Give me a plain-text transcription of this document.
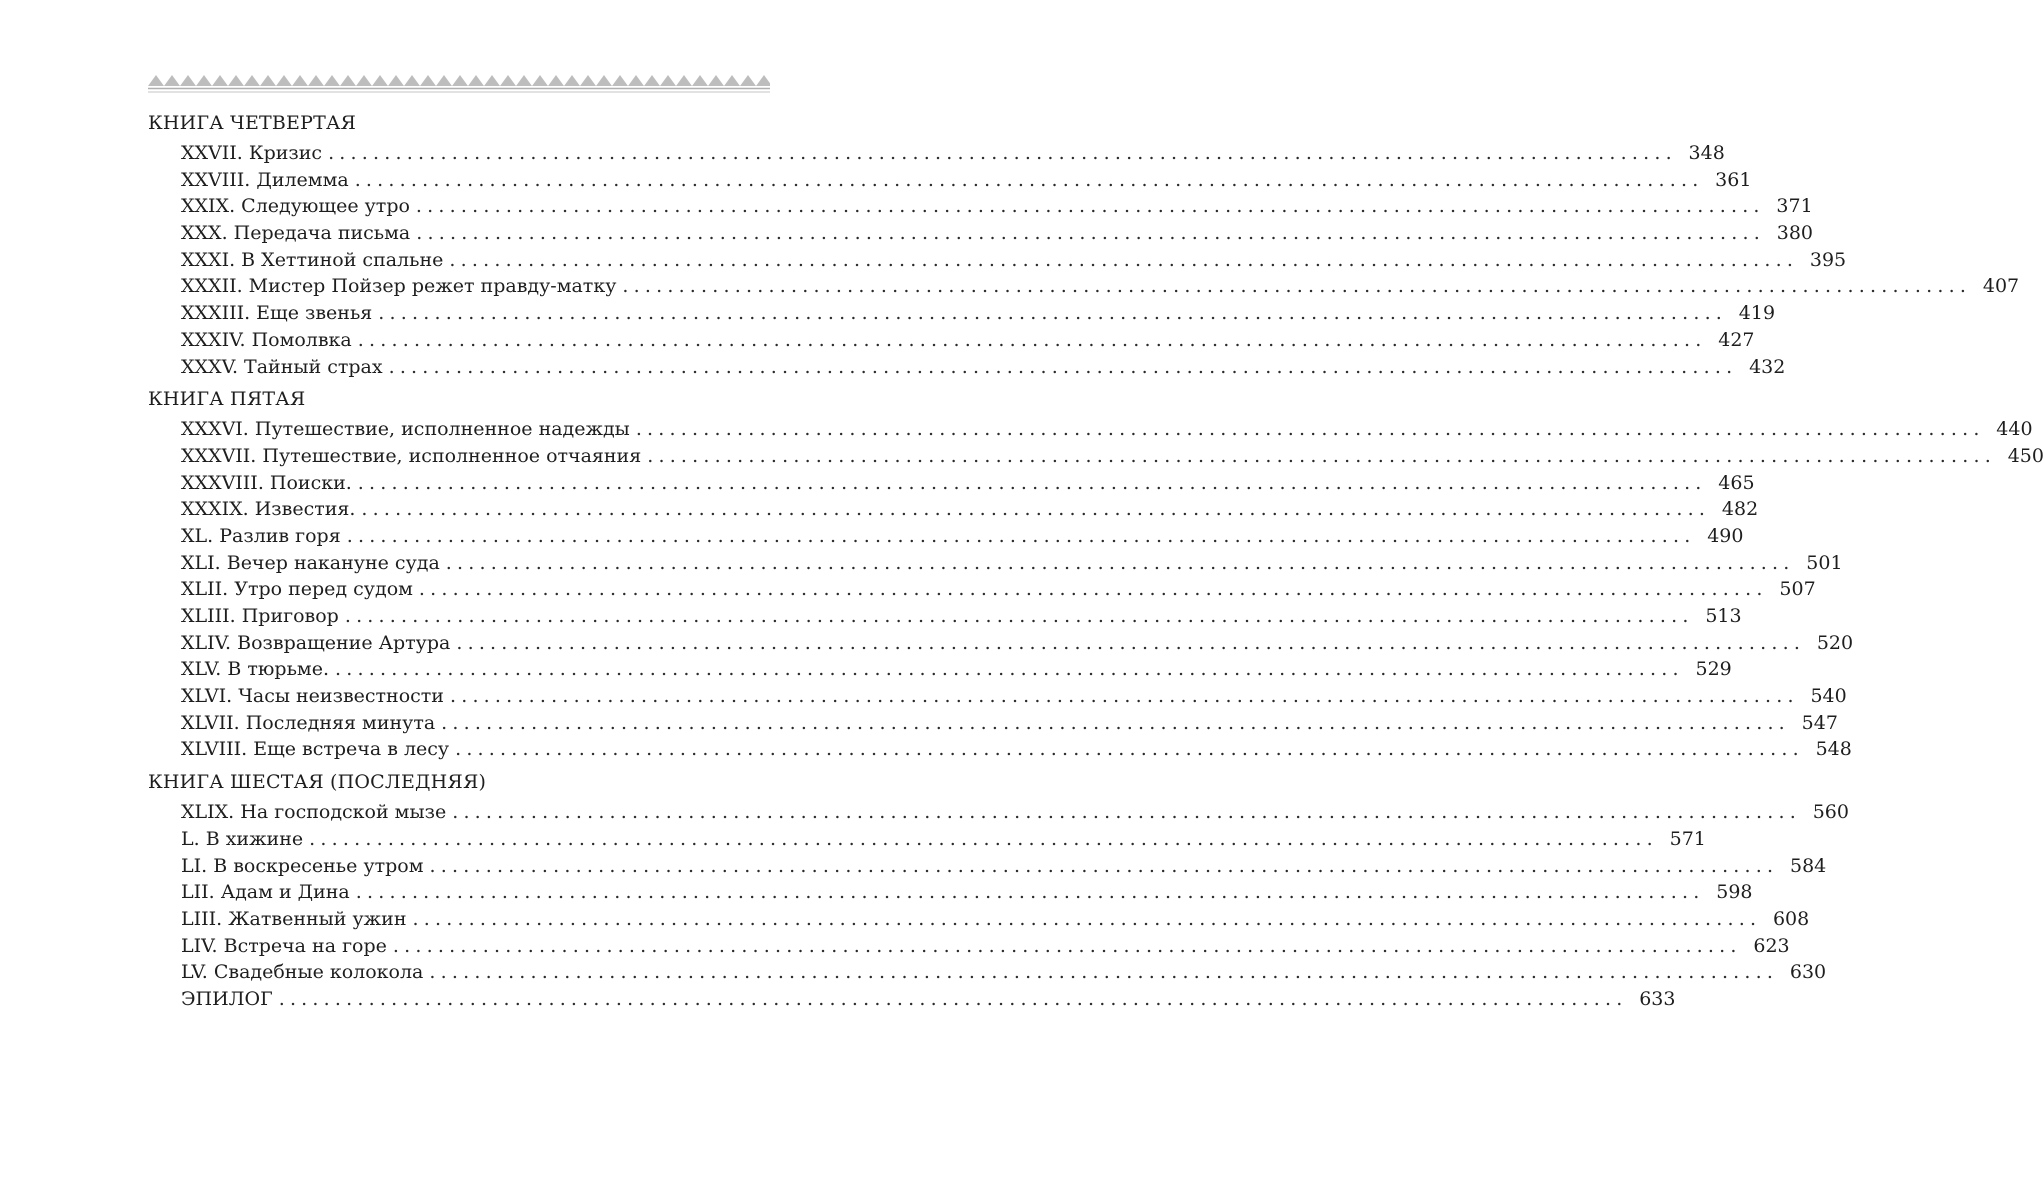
КНИГА ЧЕТВЕРТАЯ
XXVII. Кризис ........................................................................................................................ 348
XXVIII. Дилемма ........................................................................................................................ 361
XXIX. Следующее утро ........................................................................................................................ 371
XXX. Передача письма ........................................................................................................................ 380
XXXI. В Хеттиной спальне ........................................................................................................................ 395
XXXII. Мистер Пойзер режет правду-матку ........................................................................................................................ 407
XXXIII. Еще звенья ........................................................................................................................ 419
XXXIV. Помолвка ........................................................................................................................ 427
XXXV. Тайный страх ........................................................................................................................ 432
КНИГА ПЯТАЯ
XXXVI. Путешествие, исполненное надежды ........................................................................................................................ 440
XXXVII. Путешествие, исполненное отчаяния ........................................................................................................................ 450
XXXVIII. Поиски. ........................................................................................................................ 465
XXXIX. Известия. ........................................................................................................................ 482
XL. Разлив горя ........................................................................................................................ 490
XLI. Вечер накануне суда ........................................................................................................................ 501
XLII. Утро перед судом ........................................................................................................................ 507
XLIII. Приговор ........................................................................................................................ 513
XLIV. Возвращение Артура ........................................................................................................................ 520
XLV. В тюрьме. ........................................................................................................................ 529
XLVI. Часы неизвестности ........................................................................................................................ 540
XLVII. Последняя минута ........................................................................................................................ 547
XLVIII. Еще встреча в лесу ........................................................................................................................ 548
КНИГА ШЕСТАЯ (ПОСЛЕДНЯЯ)
XLIX. На господской мызе ........................................................................................................................ 560
L. В хижине ........................................................................................................................ 571
LI. В воскресенье утром ........................................................................................................................ 584
LII. Адам и Дина ........................................................................................................................ 598
LIII. Жатвенный ужин ........................................................................................................................ 608
LIV. Встреча на горе ........................................................................................................................ 623
LV. Свадебные колокола ........................................................................................................................ 630
ЭПИЛОГ ........................................................................................................................ 633
